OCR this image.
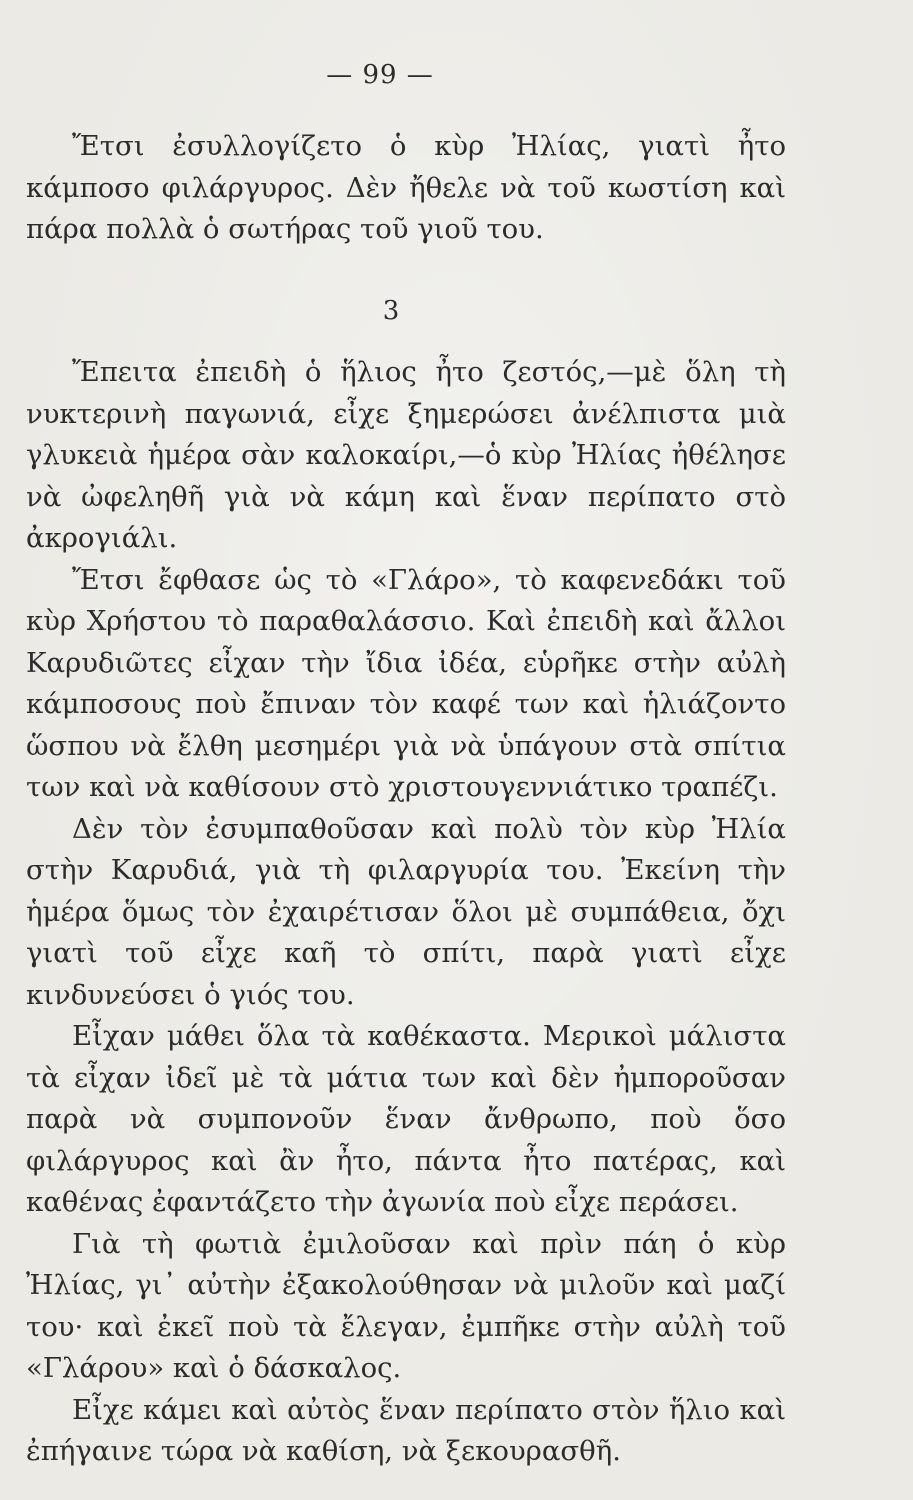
— 99 —

Ἔτσι ἐσυλλογίζετο ὁ κὺρ Ἠλίας, γιατὶ ἦτο κάμποσο φιλάργυρος. Δὲν ἤθελε νὰ τοῦ κωστίση καὶ πάρα πολλὰ ὁ σωτήρας τοῦ γιοῦ του.

3

Ἔπειτα ἐπειδὴ ὁ ἥλιος ἦτο ζεστός,—μὲ ὅλη τὴ νυκτερινὴ παγωνιά, εἶχε ξημερώσει ἀνέλπιστα μιὰ γλυκειὰ ἡμέρα σὰν καλοκαίρι,—ὁ κὺρ Ἠλίας ἠθέλησε νὰ ὠφεληθῆ γιὰ νὰ κάμη καὶ ἕναν περίπατο στὸ ἀκρογιάλι.

Ἔτσι ἔφθασε ὡς τὸ «Γλάρο», τὸ καφενεδάκι τοῦ κὺρ Χρήστου τὸ παραθαλάσσιο. Καὶ ἐπειδὴ καὶ ἄλλοι Καρυδιῶτες εἶχαν τὴν ἴδια ἰδέα, εὑρῆκε στὴν αὐλὴ κάμποσους ποὺ ἔπιναν τὸν καφέ των καὶ ἡλιάζοντο ὥσπου νὰ ἔλθη μεσημέρι γιὰ νὰ ὑπάγουν στὰ σπίτια των καὶ νὰ καθίσουν στὸ χριστουγεννιάτικο τραπέζι.

Δὲν τὸν ἐσυμπαθοῦσαν καὶ πολὺ τὸν κὺρ Ἠλία στὴν Καρυδιά, γιὰ τὴ φιλαργυρία του. Ἐκείνη τὴν ἡμέρα ὅμως τὸν ἐχαιρέτισαν ὅλοι μὲ συμπάθεια, ὄχι γιατὶ τοῦ εἶχε καῆ τὸ σπίτι, παρὰ γιατὶ εἶχε κινδυνεύσει ὁ γιός του.

Εἶχαν μάθει ὅλα τὰ καθέκαστα. Μερικοὶ μάλιστα τὰ εἶχαν ἰδεῖ μὲ τὰ μάτια των καὶ δὲν ἠμποροῦσαν παρὰ νὰ συμπονοῦν ἕναν ἄνθρωπο, ποὺ ὅσο φιλάργυρος καὶ ἂν ἦτο, πάντα ἦτο πατέρας, καὶ καθένας ἐφαντάζετο τὴν ἀγωνία ποὺ εἶχε περάσει.

Γιὰ τὴ φωτιὰ ἐμιλοῦσαν καὶ πρὶν πάη ὁ κὺρ Ἠλίας, γι᾽ αὐτὴν ἐξακολούθησαν νὰ μιλοῦν καὶ μαζί του· καὶ ἐκεῖ ποὺ τὰ ἔλεγαν, ἐμπῆκε στὴν αὐλὴ τοῦ «Γλάρου» καὶ ὁ δάσκαλος.

Εἶχε κάμει καὶ αὐτὸς ἕναν περίπατο στὸν ἥλιο καὶ ἐπήγαινε τώρα νὰ καθίση, νὰ ξεκουρασθῆ.
